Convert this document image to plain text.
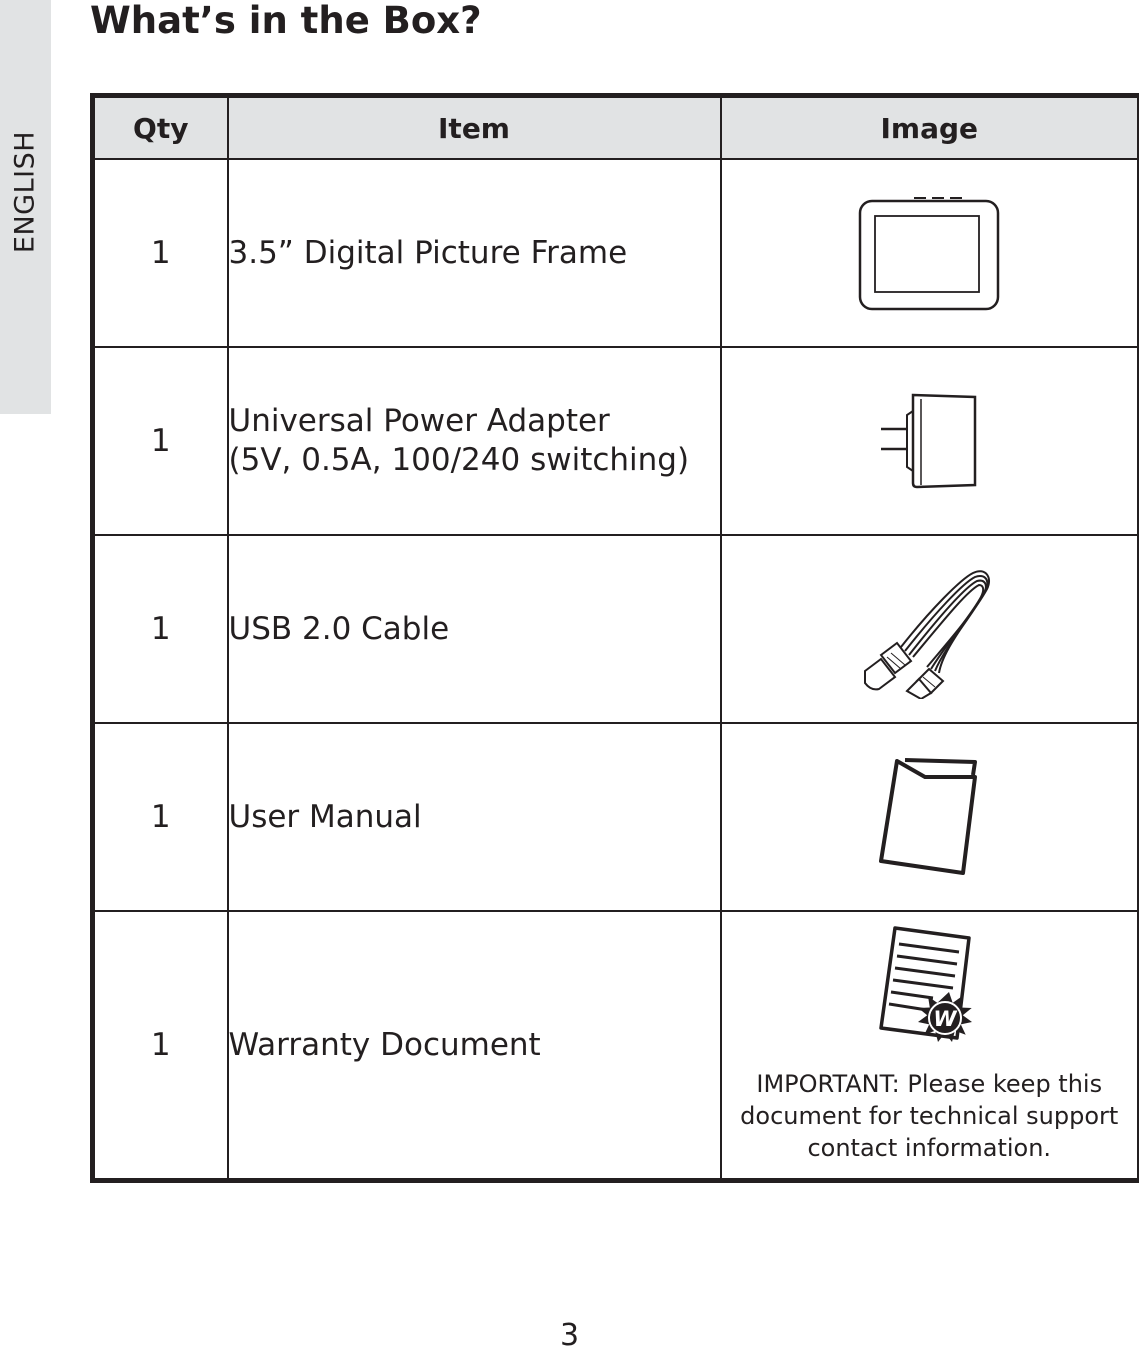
ENGLISH
What’s in the Box?
Qty	Item	Image
1	3.5” Digital Picture Frame

1	Universal Power Adapter
(5V, 0.5A, 100/240 switching)

1	USB 2.0 Cable

1	User Manual

1	Warranty Document	W
IMPORTANT: Please keep this
document for technical support
contact information.
3
